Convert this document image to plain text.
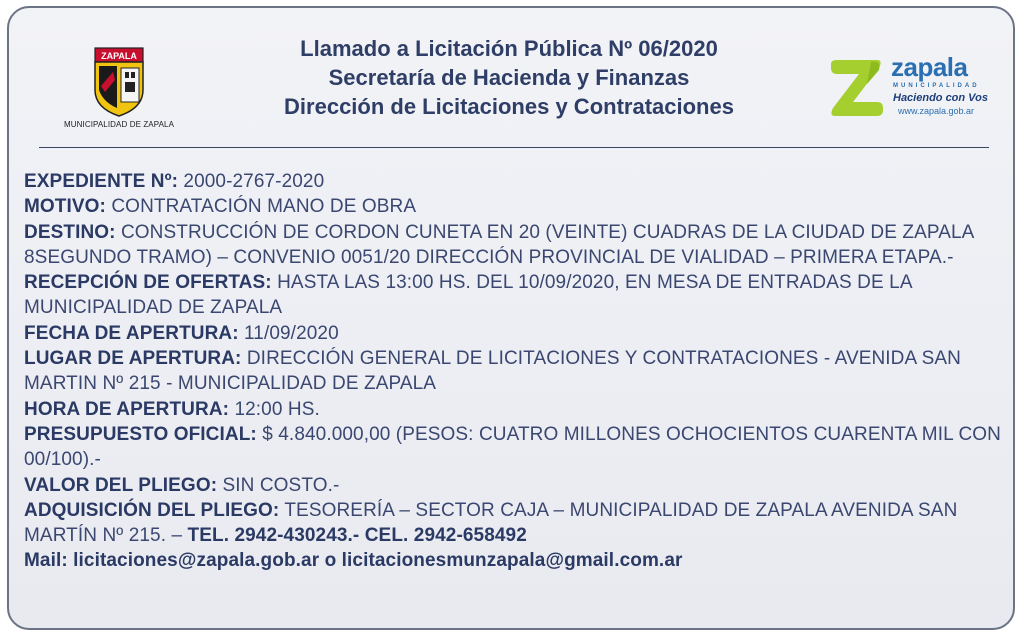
ZAPALA
MUNICIPALIDAD DE ZAPALA
Llamado a Licitación Pública Nº 06/2020
Secretaría de Hacienda y Finanzas
Dirección de Licitaciones y Contrataciones
zapala
MUNICIPALIDAD
Haciendo con Vos
www.zapala.gob.ar

EXPEDIENTE Nº: 2000-2767-2020

MOTIVO: CONTRATACIÓN MANO DE OBRA

DESTINO: CONSTRUCCIÓN DE CORDON CUNETA EN 20 (VEINTE) CUADRAS DE LA CIUDAD DE ZAPALA 8SEGUNDO TRAMO) – CONVENIO 0051/20 DIRECCIÓN PROVINCIAL DE VIALIDAD – PRIMERA ETAPA.-

RECEPCIÓN DE OFERTAS: HASTA LAS 13:00 HS. DEL 10/09/2020, EN MESA DE ENTRADAS DE LA MUNICIPALIDAD DE ZAPALA

FECHA DE APERTURA: 11/09/2020

LUGAR DE APERTURA: DIRECCIÓN GENERAL DE LICITACIONES Y CONTRATACIONES - AVENIDA SAN MARTIN Nº 215 - MUNICIPALIDAD DE ZAPALA

HORA DE APERTURA: 12:00 HS.

PRESUPUESTO OFICIAL: $ 4.840.000,00 (PESOS: CUATRO MILLONES OCHOCIENTOS CUARENTA MIL CON 00/100).-

VALOR DEL PLIEGO: SIN COSTO.-

ADQUISICIÓN DEL PLIEGO: TESORERÍA – SECTOR CAJA – MUNICIPALIDAD DE ZAPALA AVENIDA SAN MARTÍN Nº 215. – TEL. 2942-430243.- CEL. 2942-658492

Mail: licitaciones@zapala.gob.ar o licitacionesmunzapala@gmail.com.ar
